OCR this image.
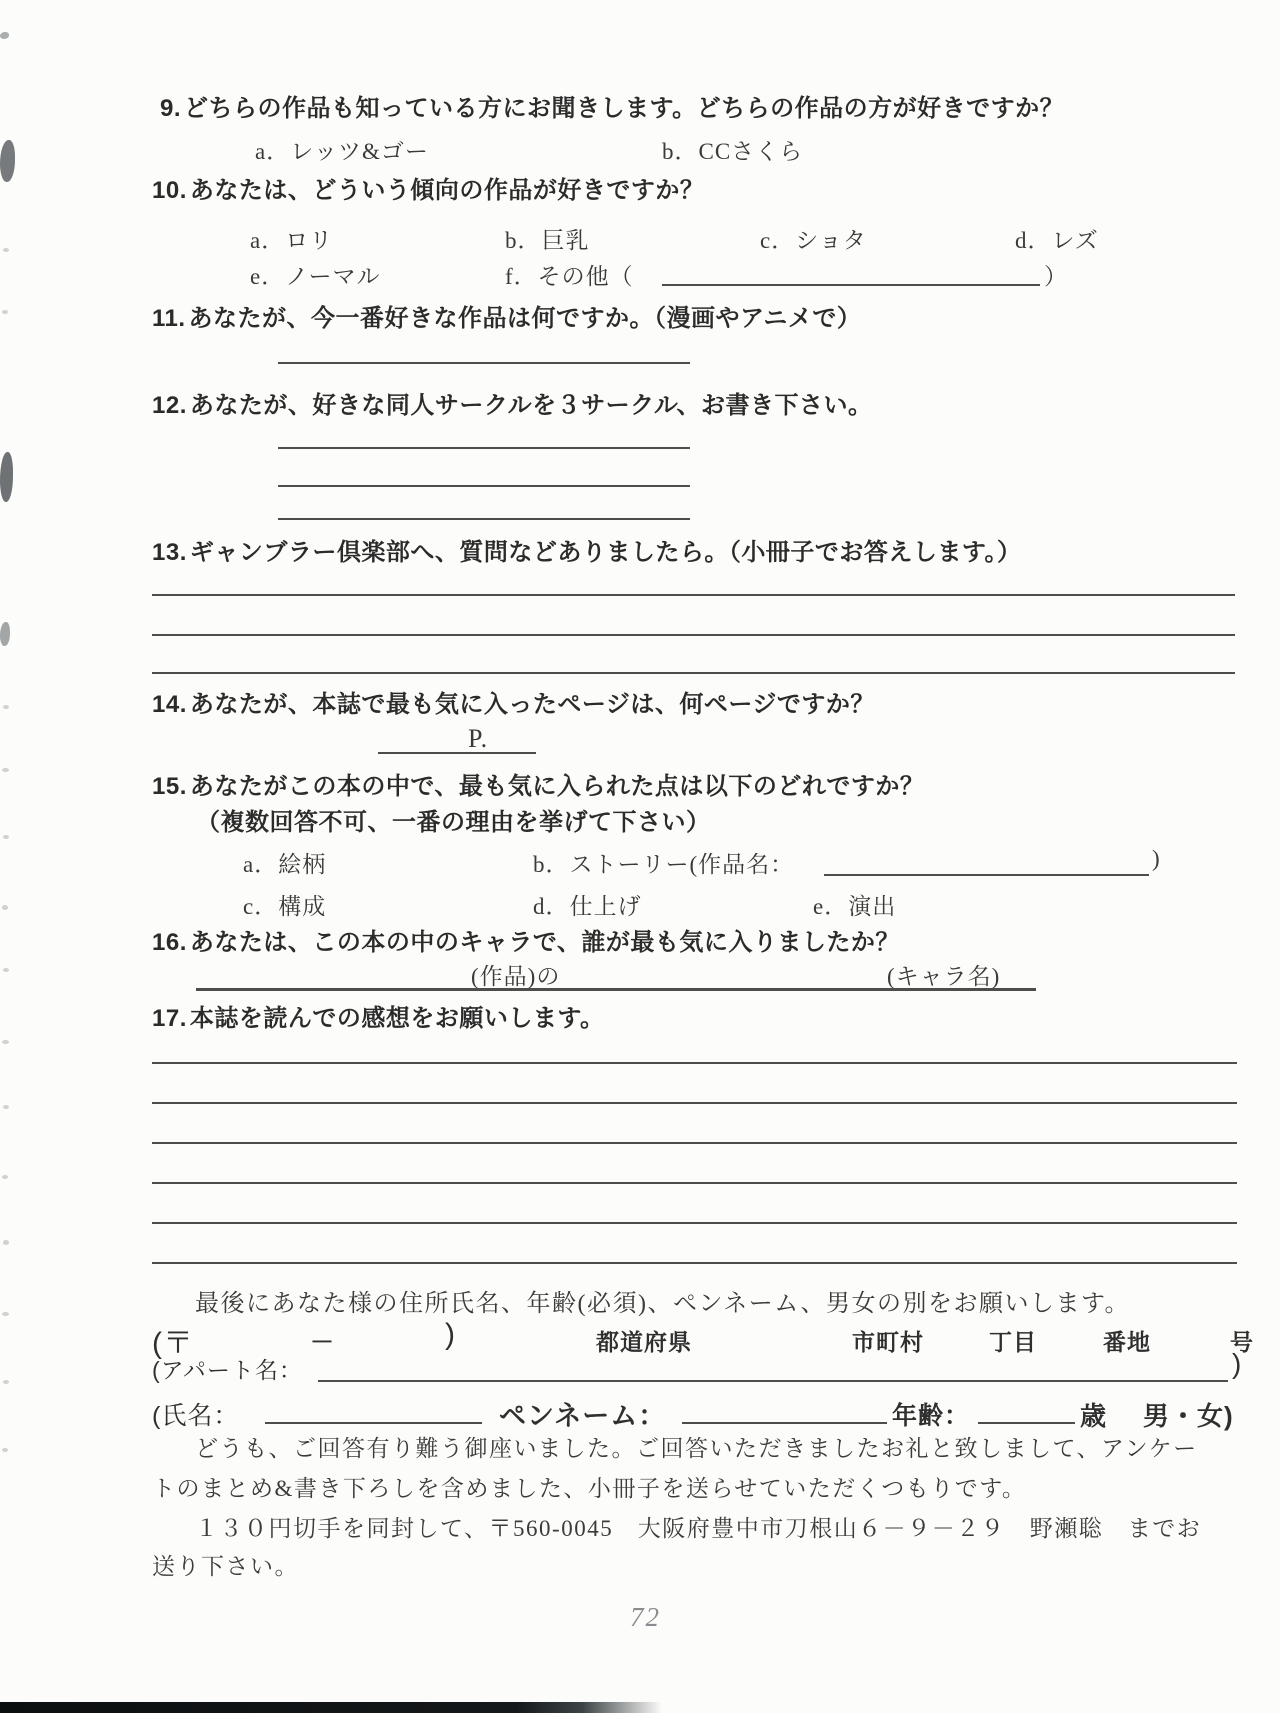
9. どちらの作品も知っている方にお聞きします。どちらの作品の方が好きですか？
a．レッツ&ゴー	b．CCさくら
10. あなたは、どういう傾向の作品が好きですか？
a．ロリ	b．巨乳	c．ショタ	d．レズ
e．ノーマル	f．その他（	）
11. あなたが、今一番好きな作品は何ですか。（漫画やアニメで）
12. あなたが、好きな同人サークルを３サークル、お書き下さい。
13. ギャンブラー倶楽部へ、質問などありましたら。（小冊子でお答えします。）
14. あなたが、本誌で最も気に入ったページは、何ページですか？
P.
15. あなたがこの本の中で、最も気に入られた点は以下のどれですか？
（複数回答不可、一番の理由を挙げて下さい）
a．絵柄	b．ストーリー(作品名：	)
c．構成	d．仕上げ	e．演出
16. あなたは、この本の中のキャラで、誰が最も気に入りましたか？
(作品)の	(キャラ名)
17. 本誌を読んでの感想をお願いします。
最後にあなた様の住所氏名、年齢(必須)、ペンネーム、男女の別をお願いします。
(〒	－	)	都道府県	市町村	丁目	番地	号
(アパート名：	)
(氏名：	ペンネーム：	年齢：	歳 男・女)
どうも、ご回答有り難う御座いました。ご回答いただきましたお礼と致しまして、アンケー
トのまとめ&書き下ろしを含めました、小冊子を送らせていただくつもりです。
１３０円切手を同封して、〒560-0045　大阪府豊中市刀根山６－９－２９　野瀬聡　までお
送り下さい。
72
